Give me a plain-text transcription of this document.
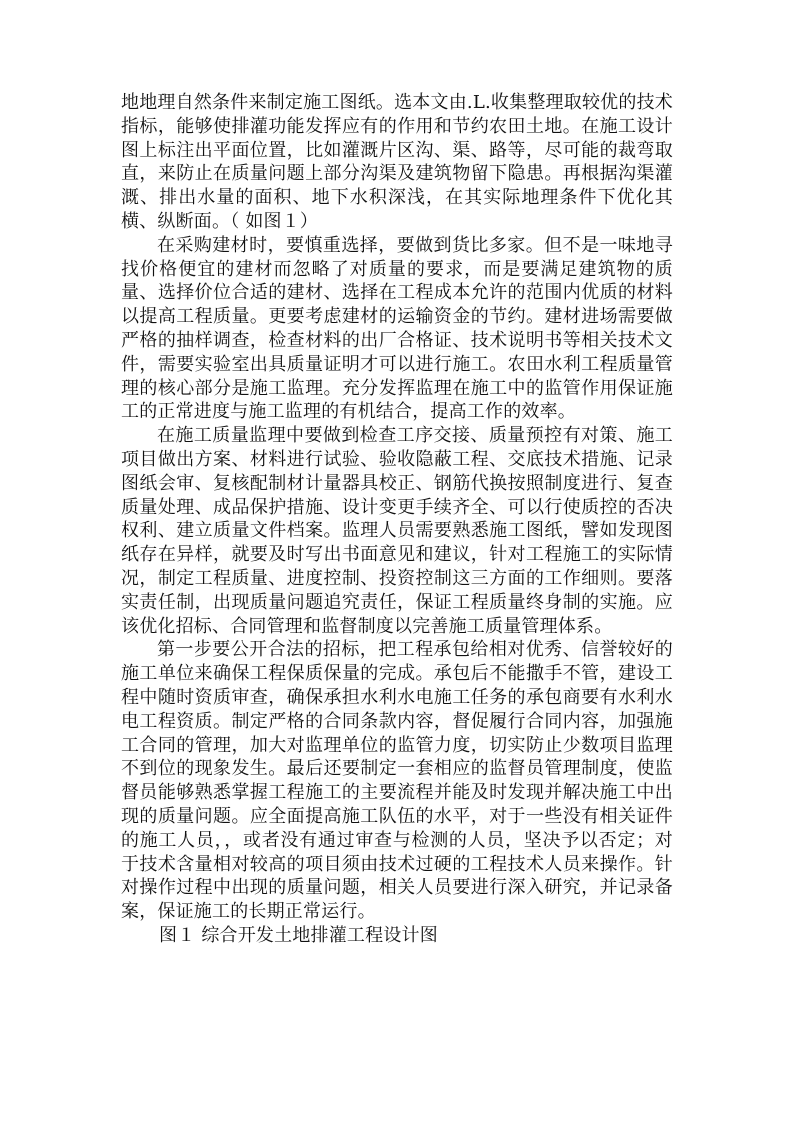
地地理自然条件来制定施工图纸。选本文由.L.收集整理取较优的技术指标，能够使排灌功能发挥应有的作用和节约农田土地。在施工设计图上标注出平面位置，比如灌溉片区沟、渠、路等，尽可能的裁弯取直，来防止在质量问题上部分沟渠及建筑物留下隐患。再根据沟渠灌溉、排出水量的面积、地下水积深浅，在其实际地理条件下优化其横、纵断面。（ 如图１）

在采购建材时，要慎重选择，要做到货比多家。但不是一味地寻找价格便宜的建材而忽略了对质量的要求，而是要满足建筑物的质量、选择价位合适的建材、选择在工程成本允许的范围内优质的材料以提高工程质量。更要考虑建材的运输资金的节约。建材进场需要做严格的抽样调查，检查材料的出厂合格证、技术说明书等相关技术文件，需要实验室出具质量证明才可以进行施工。农田水利工程质量管理的核心部分是施工监理。充分发挥监理在施工中的监管作用保证施工的正常进度与施工监理的有机结合，提高工作的效率。

在施工质量监理中要做到检查工序交接、质量预控有对策、施工项目做出方案、材料进行试验、验收隐蔽工程、交底技术措施、记录图纸会审、复核配制材计量器具校正、钢筋代换按照制度进行、复查质量处理、成品保护措施、设计变更手续齐全、可以行使质控的否决权利、建立质量文件档案。监理人员需要熟悉施工图纸，譬如发现图纸存在异样，就要及时写出书面意见和建议，针对工程施工的实际情况，制定工程质量、进度控制、投资控制这三方面的工作细则。要落实责任制，出现质量问题追究责任，保证工程质量终身制的实施。应该优化招标、合同管理和监督制度以完善施工质量管理体系。

第一步要公开合法的招标，把工程承包给相对优秀、信誉较好的施工单位来确保工程保质保量的完成。承包后不能撒手不管，建设工程中随时资质审查，确保承担水利水电施工任务的承包商要有水利水电工程资质。制定严格的合同条款内容，督促履行合同内容，加强施工合同的管理，加大对监理单位的监管力度，切实防止少数项目监理不到位的现象发生。最后还要制定一套相应的监督员管理制度，使监督员能够熟悉掌握工程施工的主要流程并能及时发现并解决施工中出现的质量问题。应全面提高施工队伍的水平，对于一些没有相关证件的施工人员，，或者没有通过审查与检测的人员，坚决予以否定；对于技术含量相对较高的项目须由技术过硬的工程技术人员来操作。针对操作过程中出现的质量问题，相关人员要进行深入研究，并记录备案，保证施工的长期正常运行。

图１ 综合开发土地排灌工程设计图
